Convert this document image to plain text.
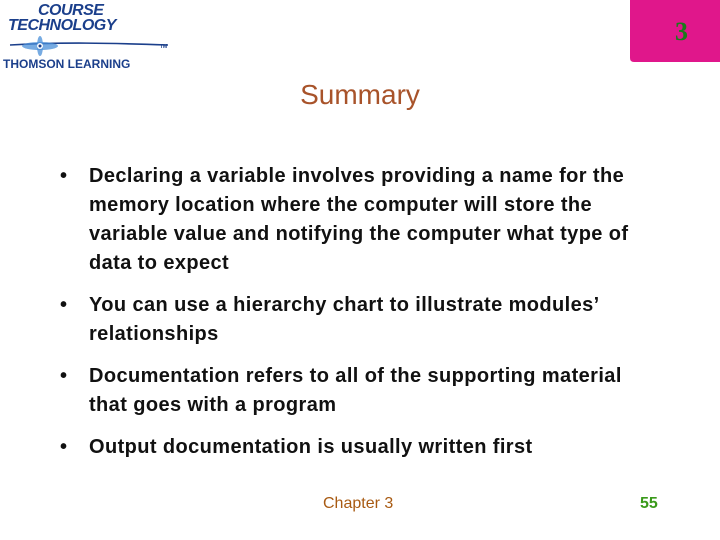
COURSE
TECHNOLOGY
TM
THOMSON LEARNING
3
Summary
• Declaring a variable involves providing a name for the memory location where the computer will store the variable value and notifying the computer what type of data to expect
• You can use a hierarchy chart to illustrate modules’ relationships
• Documentation refers to all of the supporting material that goes with a program
• Output documentation is usually written first
Chapter 3	55
